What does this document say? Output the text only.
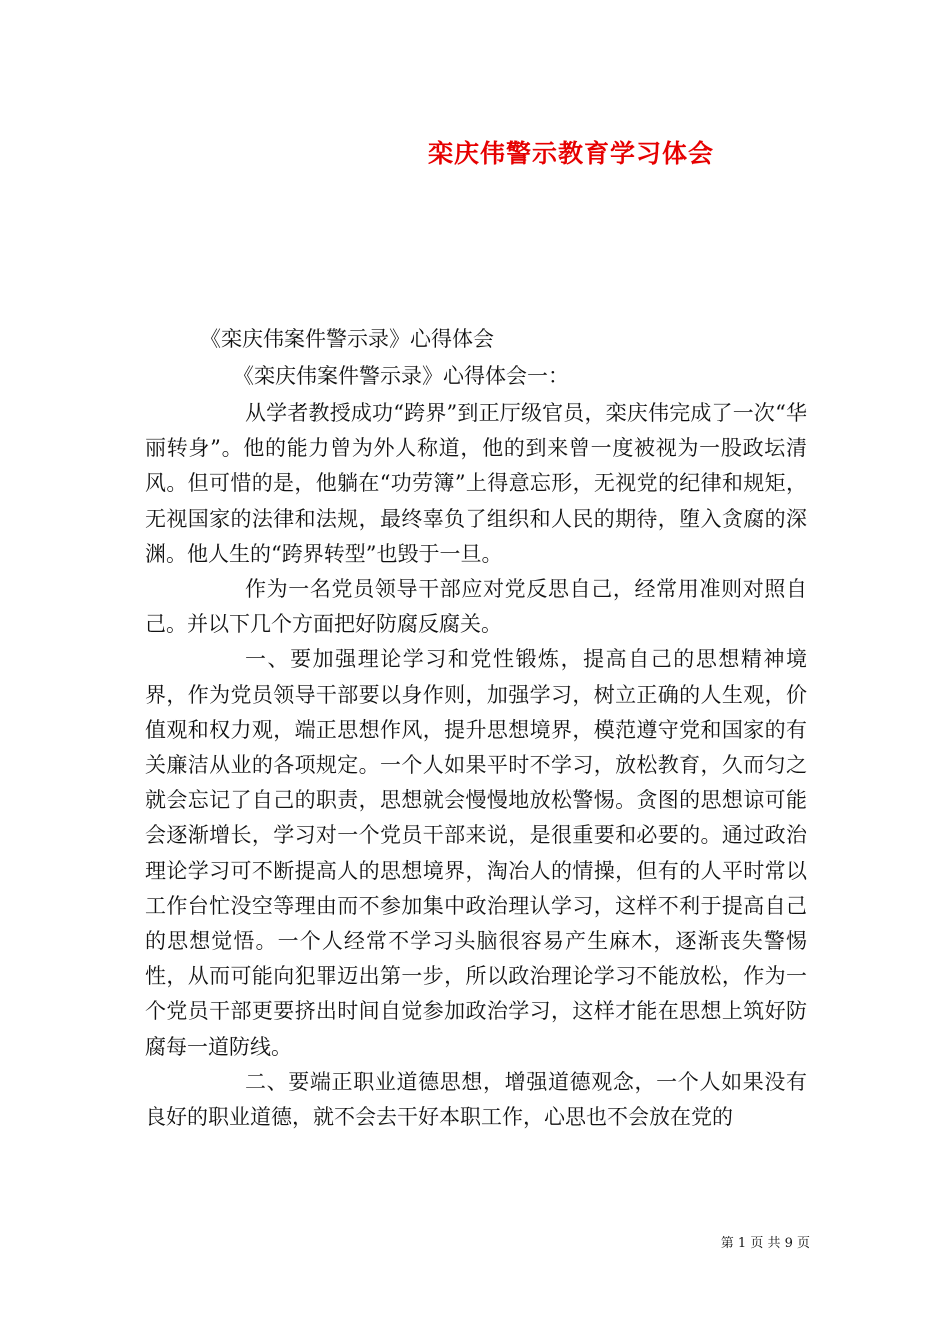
栾庆伟警示教育学习体会
《栾庆伟案件警示录》心得体会
《栾庆伟案件警示录》心得体会一：

从学者教授成功“跨界”到正厅级官员，栾庆伟完成了一次“华丽转身”。他的能力曾为外人称道，他的到来曾一度被视为一股政坛清风。但可惜的是，他躺在“功劳簿”上得意忘形，无视党的纪律和规矩，无视国家的法律和法规，最终辜负了组织和人民的期待，堕入贪腐的深渊。他人生的“跨界转型”也毁于一旦。

作为一名党员领导干部应对党反思自己，经常用准则对照自己。并以下几个方面把好防腐反腐关。

一、要加强理论学习和党性锻炼，提高自己的思想精神境界，作为党员领导干部要以身作则，加强学习，树立正确的人生观，价值观和权力观，端正思想作风，提升思想境界，模范遵守党和国家的有关廉洁从业的各项规定。一个人如果平时不学习，放松教育，久而匀之就会忘记了自己的职责，思想就会慢慢地放松警惕。贪图的思想谅可能会逐渐增长，学习对一个党员干部来说，是很重要和必要的。通过政治理论学习可不断提高人的思想境界，淘冶人的情操，但有的人平时常以工作台忙没空等理由而不参加集中政治理认学习，这样不利于提高自己的思想觉悟。一个人经常不学习头脑很容易产生麻木，逐渐丧失警惕性，从而可能向犯罪迈出第一步，所以政治理论学习不能放松，作为一个党员干部更要挤出时间自觉参加政治学习，这样才能在思想上筑好防腐每一道防线。

二、要端正职业道德思想，增强道德观念，一个人如果没有良好的职业道德，就不会去干好本职工作，心思也不会放在党的

第 1 页 共 9 页
